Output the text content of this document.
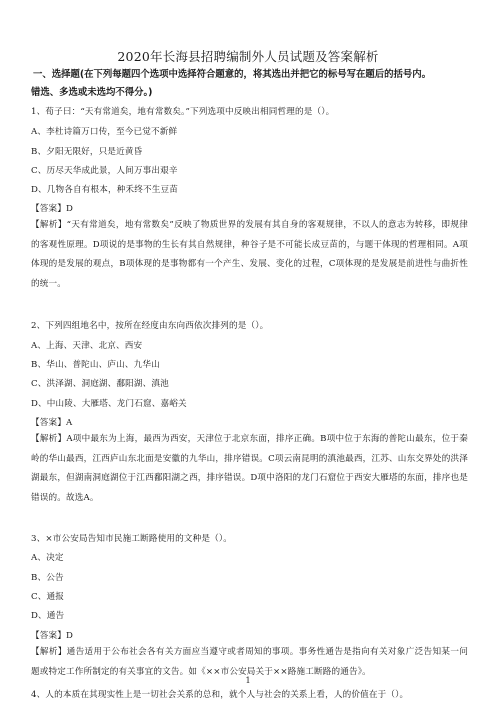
2020年长海县招聘编制外人员试题及答案解析
一、选择题(在下列每题四个选项中选择符合题意的，将其选出并把它的标号写在题后的括号内。
错选、多选或未选均不得分。)
1、荀子曰：“天有常道矣，地有常数矣。”下列选项中反映出相同哲理的是（）。
A、李杜诗篇万口传，至今已觉不新鲜
B、夕阳无限好，只是近黄昏
C、历尽天华成此景，人间万事出艰辛
D、几物各自有根本，种禾终不生豆苗
【答案】D
【解析】“天有常道矣，地有常数矣”反映了物质世界的发展有其自身的客观规律，不以人的意志为转移，即规律的客观性原理。D项说的是事物的生长有其自然规律，种谷子是不可能长成豆苗的，与题干体现的哲理相同。A项体现的是发展的观点，B项体现的是事物都有一个产生、发展、变化的过程，C项体现的是发展是前进性与曲折性的统一。
2、下列四组地名中，按所在经度由东向西依次排列的是（）。
A、上海、天津、北京、西安
B、华山、普陀山、庐山、九华山
C、洪泽湖、洞庭湖、鄱阳湖、滇池
D、中山陵、大雁塔、龙门石窟、嘉峪关
【答案】A
【解析】A项中最东为上海，最西为西安，天津位于北京东面，排序正确。B项中位于东海的普陀山最东，位于秦岭的华山最西，江西庐山东北面是安徽的九华山，排序错误。C项云南昆明的滇池最西，江苏、山东交界处的洪泽湖最东，但湖南洞庭湖位于江西鄱阳湖之西，排序错误。D项中洛阳的龙门石窟位于西安大雁塔的东面，排序也是错误的。故选A。
3、×市公安局告知市民施工断路使用的文种是（）。
A、决定
B、公告
C、通报
D、通告
【答案】D
【解析】通告适用于公布社会各有关方面应当遵守或者周知的事项。事务性通告是指向有关对象广泛告知某一问题或特定工作所制定的有关事宜的文告。如《××市公安局关于××路施工断路的通告》。
4、人的本质在其现实性上是一切社会关系的总和，就个人与社会的关系上看，人的价值在于（）。
1
